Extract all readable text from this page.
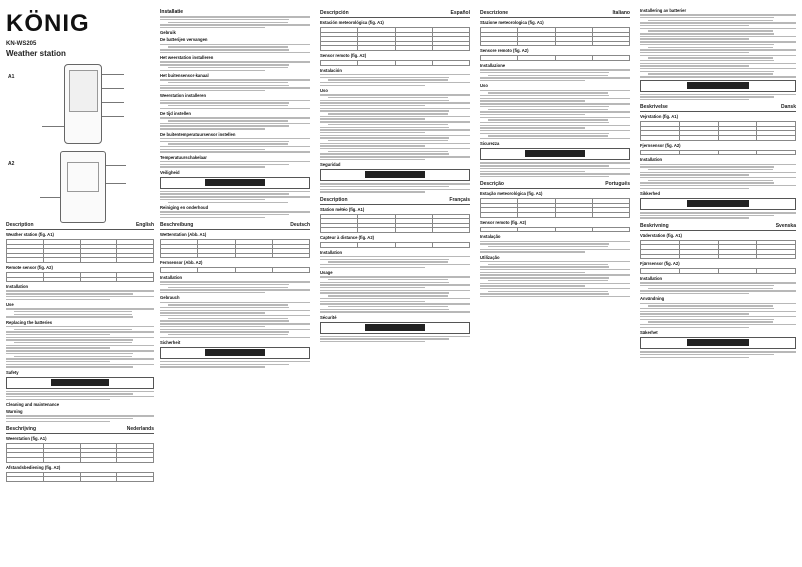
KÖNIG
KN-WS205
Weather station
A1
A2
Description	English
Weather station (fig. A1)

Remote sensor (fig. A2)

Installation
Use
Replacing the batteries
Safety
Cleaning and maintenance
Warning
Beschrijving	Nederlands
Weerstation (fig. A1)

Afstandsbediening (fig. A2)

Installatie
Gebruik
De batterijen vervangen
Het weerstation installeren
Het buitensensor-kanaal
Weerstation installeren
De tijd instellen
De buitentemperatuursensor instellen
Temperatuurschakelaar
Veiligheid
Reiniging en onderhoud
Beschreibung	Deutsch
Wetterstation (Abb. A1)

Fernsensor (Abb. A2)

Installation
Gebrauch
Sicherheit
Descripción	Español
Estación meteorológica (fig. A1)

Sensor remoto (fig. A2)

Instalación
Uso
Seguridad
Description	Français
Station météo (fig. A1)

Capteur à distance (fig. A2)

Installation
Usage
Sécurité
Descrizione	Italiano
Stazione meteorologica (fig. A1)

Sensore remoto (fig. A2)

Installazione
Uso
Sicurezza
Descrição	Português
Estação meteorológica (fig. A1)

Sensor remoto (fig. A2)

Instalação
Utilização
Installering av batterier
Beskrivelse	Dansk
Vejrstation (fig. A1)

Fjernsensor (fig. A2)

Installation
Sikkerhed
Beskrivning	Svenska
Väderstation (fig. A1)

Fjärrsensor (fig. A2)

Installation
Användning
Säkerhet
